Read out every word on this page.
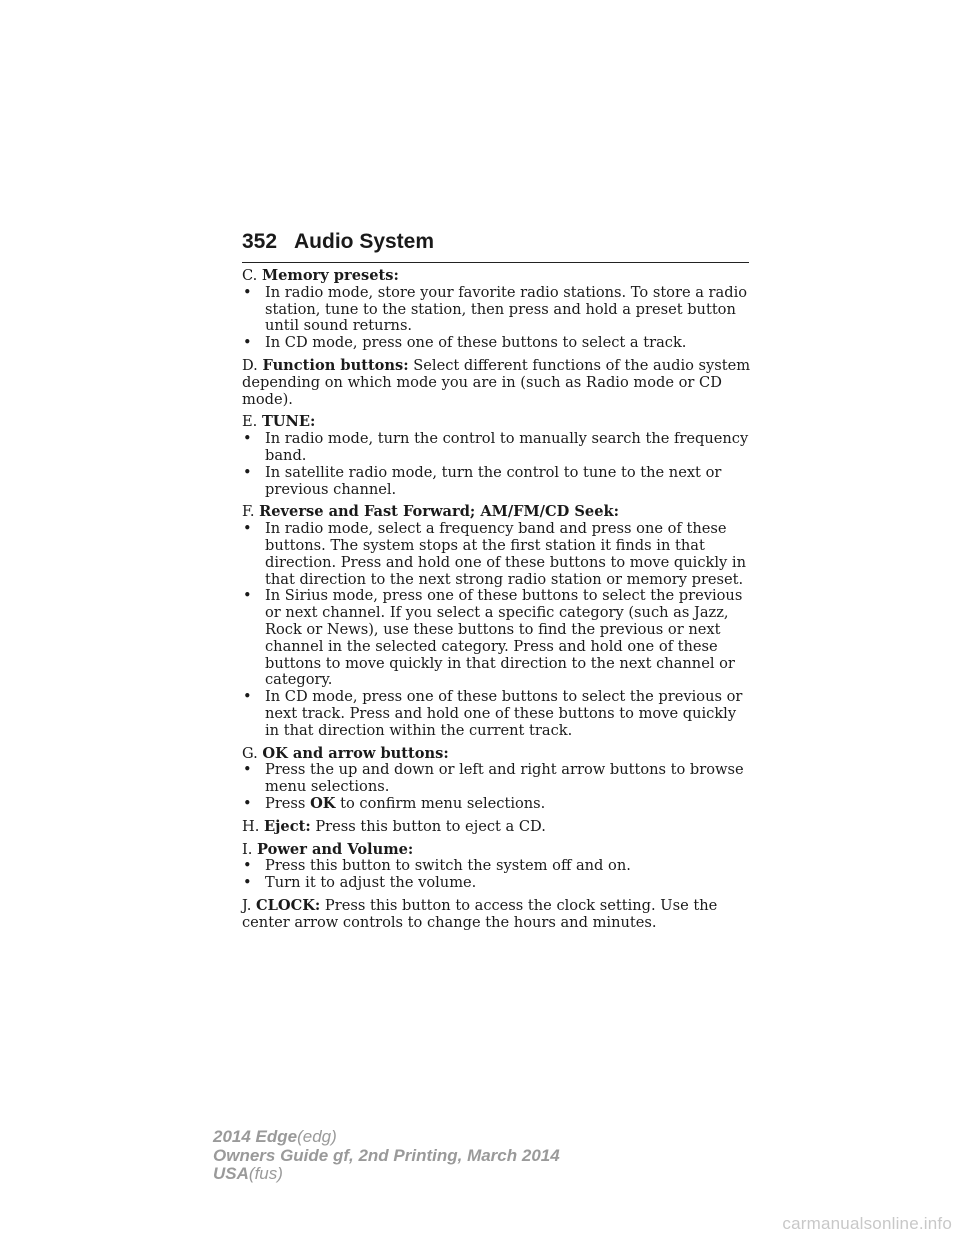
352 Audio System

C. Memory presets:

• In radio mode, store your favorite radio stations. To store a radio station, tune to the station, then press and hold a preset button until sound returns.
• In CD mode, press one of these buttons to select a track.

D. Function buttons: Select different functions of the audio system depending on which mode you are in (such as Radio mode or CD mode).

E. TUNE:

• In radio mode, turn the control to manually search the frequency band.
• In satellite radio mode, turn the control to tune to the next or previous channel.

F. Reverse and Fast Forward; AM/FM/CD Seek:

• In radio mode, select a frequency band and press one of these buttons. The system stops at the first station it finds in that direction. Press and hold one of these buttons to move quickly in that direction to the next strong radio station or memory preset.
• In Sirius mode, press one of these buttons to select the previous or next channel. If you select a specific category (such as Jazz, Rock or News), use these buttons to find the previous or next channel in the selected category. Press and hold one of these buttons to move quickly in that direction to the next channel or category.
• In CD mode, press one of these buttons to select the previous or next track. Press and hold one of these buttons to move quickly in that direction within the current track.

G. OK and arrow buttons:

• Press the up and down or left and right arrow buttons to browse menu selections.
• Press OK to confirm menu selections.

H. Eject: Press this button to eject a CD.

I. Power and Volume:

• Press this button to switch the system off and on.
• Turn it to adjust the volume.

J. CLOCK: Press this button to access the clock setting. Use the center arrow controls to change the hours and minutes.

2014 Edge(edg)
Owners Guide gf, 2nd Printing, March 2014
USA(fus)
carmanualsonline.info
